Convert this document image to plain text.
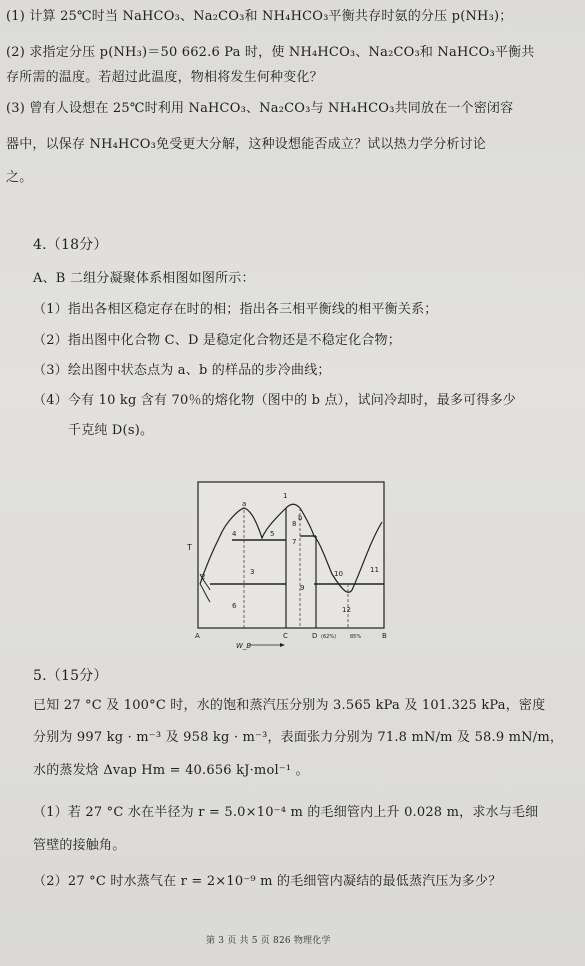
(1) 计算 25℃时当 NaHCO₃、Na₂CO₃和 NH₄HCO₃平衡共存时氨的分压 p(NH₃)；
(2) 求指定分压 p(NH₃)＝50 662.6 Pa 时，使 NH₄HCO₃、Na₂CO₃和 NaHCO₃平衡共
存所需的温度。若超过此温度，物相将发生何种变化？
(3) 曾有人设想在 25℃时利用 NaHCO₃、Na₂CO₃与 NH₄HCO₃共同放在一个密闭容
器中，以保存 NH₄HCO₃免受更大分解，这种设想能否成立？试以热力学分析讨论
之。
4.（18分）
A、B 二组分凝聚体系相图如图所示：
（1）指出各相区稳定存在时的相；指出各三相平衡线的相平衡关系；
（2）指出图中化合物 C、D 是稳定化合物还是不稳定化合物；
（3）绘出图中状态点为 a、b 的样品的步冷曲线；
（4）今有 10 kg 含有 70％的熔化物（图中的 b 点），试问冷却时，最多可得多少
千克纯 D(s)。
1
2
3
4	5
6
7
8
9
10	11
12
a
b
T
A	C	D (62%)	85%	B
W_B
5.（15分）
已知 27 °C 及 100°C 时，水的饱和蒸汽压分别为 3.565 kPa 及 101.325 kPa，密度
分别为 997 kg · m⁻³ 及 958 kg · m⁻³，表面张力分别为 71.8 mN/m 及 58.9 mN/m，
水的蒸发焓 Δvap Hm = 40.656 kJ·mol⁻¹ 。
（1）若 27 °C 水在半径为 r = 5.0×10⁻⁴ m 的毛细管内上升 0.028 m，求水与毛细
管壁的接触角。
（2）27 °C 时水蒸气在 r = 2×10⁻⁹ m 的毛细管内凝结的最低蒸汽压为多少？
第 3 页 共 5 页 826 物理化学
